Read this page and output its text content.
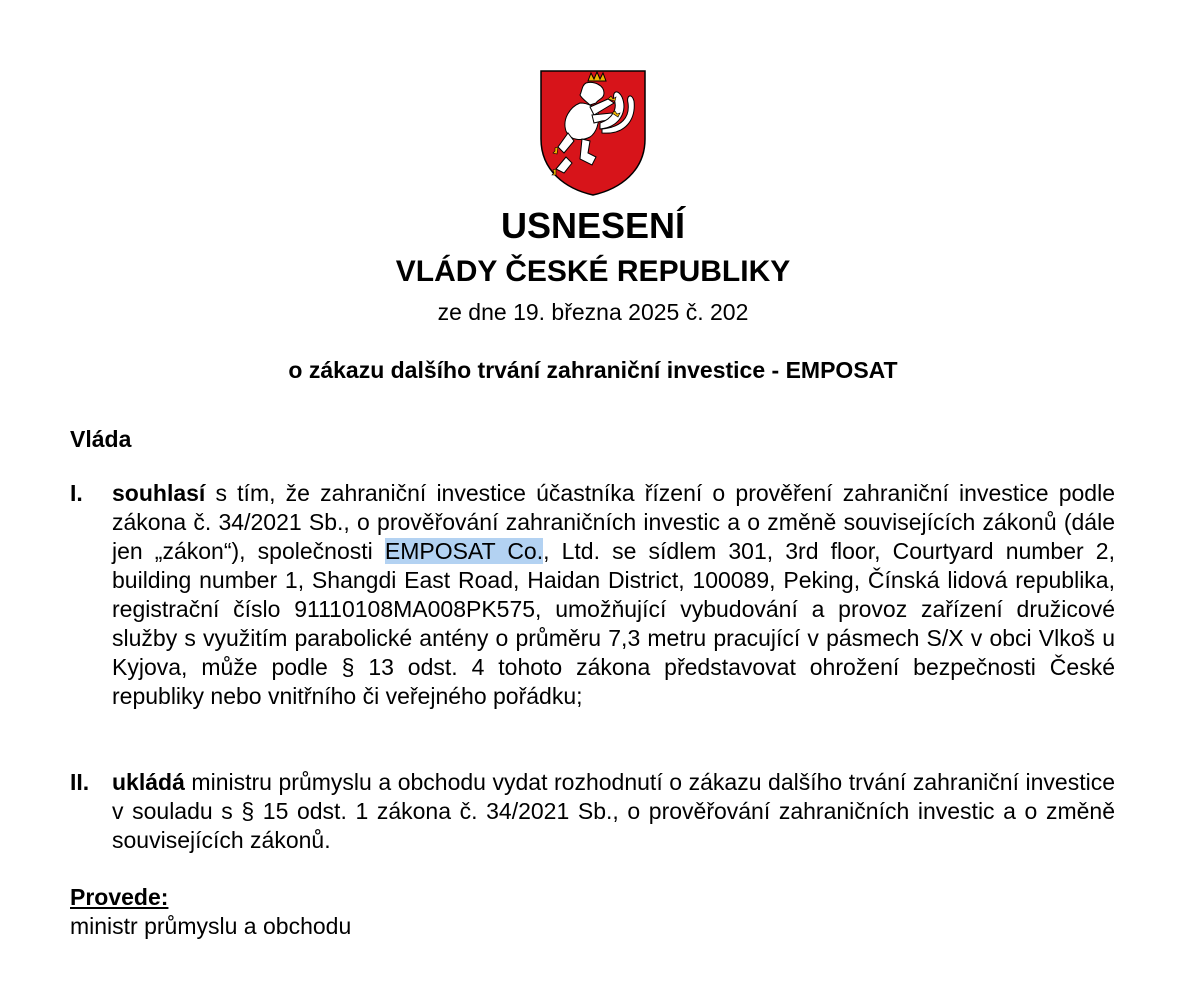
USNESENÍ
VLÁDY ČESKÉ REPUBLIKY
ze dne 19. března 2025 č. 202
o zákazu dalšího trvání zahraniční investice - EMPOSAT
Vláda
I. souhlasí s tím, že zahraniční investice účastníka řízení o prověření zahraniční investice podle zákona č. 34/2021 Sb., o prověřování zahraničních investic a o změně souvisejících zákonů (dále jen „zákon“), společnosti EMPOSAT Co., Ltd. se sídlem 301, 3rd floor, Courtyard number 2, building number 1, Shangdi East Road, Haidan District, 100089, Peking, Čínská lidová republika, registrační číslo 91110108MA008PK575, umožňující vybudování a provoz zařízení družicové služby s využitím parabolické antény o průměru 7,3 metru pracující v pásmech S/X v obci Vlkoš u Kyjova, může podle § 13 odst. 4 tohoto zákona představovat ohrožení bezpečnosti České republiky nebo vnitřního či veřejného pořádku;
II. ukládá ministru průmyslu a obchodu vydat rozhodnutí o zákazu dalšího trvání zahraniční investice v souladu s § 15 odst. 1 zákona č. 34/2021 Sb., o prověřování zahraničních investic a o změně souvisejících zákonů.
Provede:
ministr průmyslu a obchodu
